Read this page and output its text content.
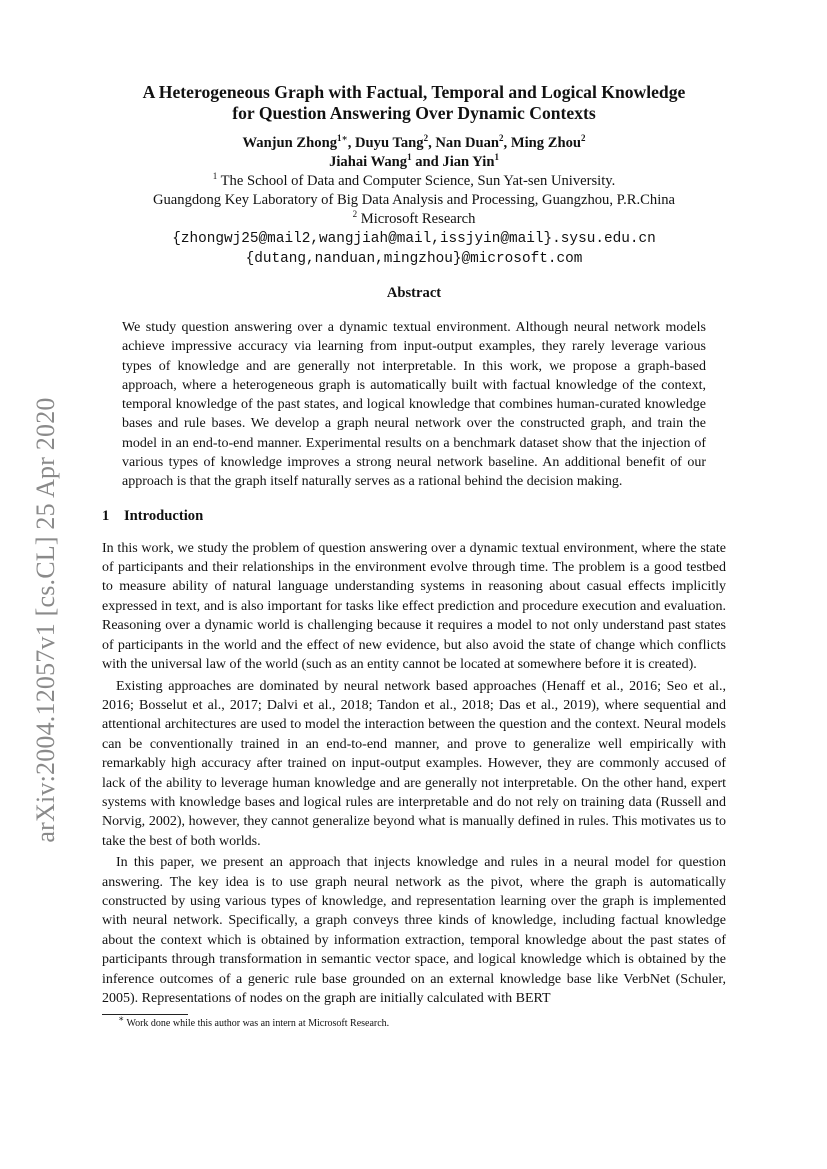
arXiv:2004.12057v1 [cs.CL] 25 Apr 2020
A Heterogeneous Graph with Factual, Temporal and Logical Knowledge
for Question Answering Over Dynamic Contexts
Wanjun Zhong$^{1∗}$, Duyu Tang$^2$, Nan Duan$^2$, Ming Zhou$^2$
Jiahai Wang$^1$ and Jian Yin$^1$
$^1$ The School of Data and Computer Science, Sun Yat-sen University.
Guangdong Key Laboratory of Big Data Analysis and Processing, Guangzhou, P.R.China
$^2$ Microsoft Research
{zhongwj25@mail2,wangjiah@mail,issjyin@mail}.sysu.edu.cn
{dutang,nanduan,mingzhou}@microsoft.com
Abstract

We study question answering over a dynamic textual environment. Although neural network models achieve impressive accuracy via learning from input-output examples, they rarely leverage various types of knowledge and are generally not interpretable. In this work, we propose a graph-based approach, where a heterogeneous graph is automatically built with factual knowledge of the context, temporal knowledge of the past states, and logical knowledge that combines human-curated knowledge bases and rule bases. We develop a graph neural network over the constructed graph, and train the model in an end-to-end manner. Experimental results on a benchmark dataset show that the injection of various types of knowledge improves a strong neural network baseline. An additional benefit of our approach is that the graph itself naturally serves as a rational behind the decision making.

1 Introduction

In this work, we study the problem of question answering over a dynamic textual environment, where the state of participants and their relationships in the environment evolve through time. The problem is a good testbed to measure ability of natural language understanding systems in reasoning about casual effects implicitly expressed in text, and is also important for tasks like effect prediction and procedure execution and evaluation. Reasoning over a dynamic world is challenging because it requires a model to not only understand past states of participants in the world and the effect of new evidence, but also avoid the state of change which conflicts with the universal law of the world (such as an entity cannot be located at somewhere before it is created).

Existing approaches are dominated by neural network based approaches (Henaff et al., 2016; Seo et al., 2016; Bosselut et al., 2017; Dalvi et al., 2018; Tandon et al., 2018; Das et al., 2019), where sequential and attentional architectures are used to model the interaction between the question and the context. Neural models can be conventionally trained in an end-to-end manner, and prove to generalize well empirically with remarkably high accuracy after trained on input-output examples. However, they are commonly accused of lack of the ability to leverage human knowledge and are generally not interpretable. On the other hand, expert systems with knowledge bases and logical rules are interpretable and do not rely on training data (Russell and Norvig, 2002), however, they cannot generalize beyond what is manually defined in rules. This motivates us to take the best of both worlds.

In this paper, we present an approach that injects knowledge and rules in a neural model for question answering. The key idea is to use graph neural network as the pivot, where the graph is automatically constructed by using various types of knowledge, and representation learning over the graph is implemented with neural network. Specifically, a graph conveys three kinds of knowledge, including factual knowledge about the context which is obtained by information extraction, temporal knowledge about the past states of participants through transformation in semantic vector space, and logical knowledge which is obtained by the inference outcomes of a generic rule base grounded on an external knowledge base like VerbNet (Schuler, 2005). Representations of nodes on the graph are initially calculated with BERT

∗ Work done while this author was an intern at Microsoft Research.
